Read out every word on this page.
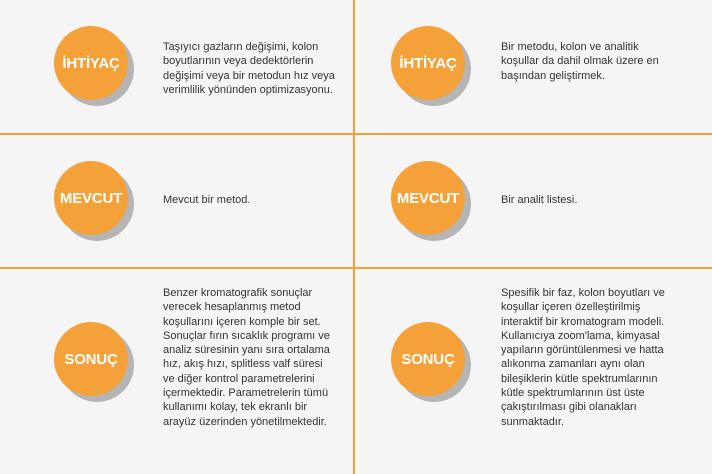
İHTİYAÇ
Taşıyıcı gazların değişimi, kolon boyutlarının veya dedektörlerin değişimi veya bir metodun hız veya verimlilik yönünden optimizasyonu.
MEVCUT	Mevcut bir metod.
SONUÇ
Benzer kromatografik sonuçlar verecek hesaplanmış metod koşullarını içeren komple bir set. Sonuçlar fırın sıcaklık programı ve analiz süresinin yanı sıra ortalama hız, akış hızı, splitless valf süresi ve diğer kontrol parametrelerini içermektedir. Parametrelerin tümü kullanımı kolay, tek ekranlı bir arayüz üzerinden yönetilmektedir.
İHTİYAÇ
Bir metodu, kolon ve analitik koşullar da dahil olmak üzere en başından geliştirmek.
MEVCUT	Bir analit listesi.
SONUÇ
Spesifik bir faz, kolon boyutları ve koşullar içeren özelleştirilmiş interaktif bir kromatogram modeli. Kullanıcıya zoom'lama, kimyasal yapıların görüntülenmesi ve hatta alıkonma zamanları aynı olan bileşiklerin kütle spektrumlarının kütle spektrumlarının üst üste çakıştırılması gibi olanakları sunmaktadır.
